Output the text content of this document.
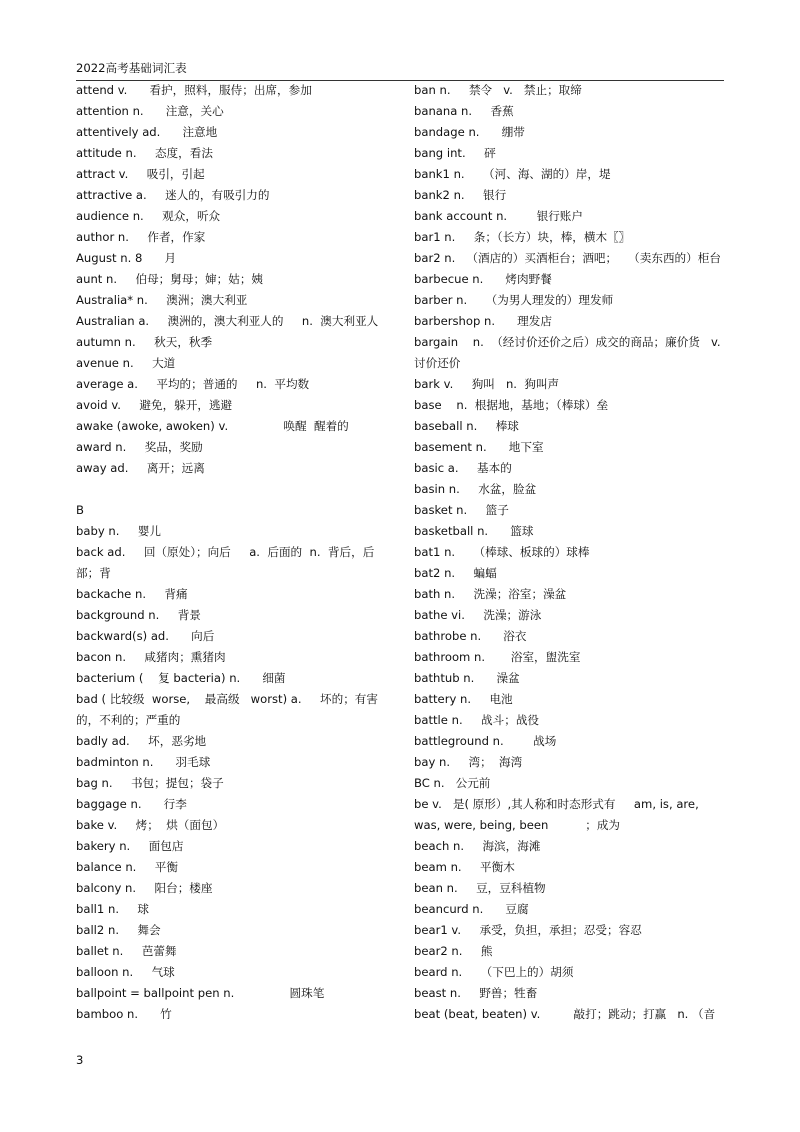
2022高考基础词汇表
attend v.      看护，照料，服侍；出席，参加
attention n.      注意，关心
attentively ad.      注意地
attitude n.     态度，看法
attract v.     吸引，引起
attractive a.     迷人的，有吸引力的
audience n.     观众，听众
author n.     作者，作家
August n. 8      月
aunt n.     伯母；舅母；婶；姑；姨
Australia* n.     澳洲；澳大利亚
Australian a.     澳洲的，澳大利亚人的     n.  澳大利亚人
autumn n.     秋天，秋季
avenue n.     大道
average a.     平均的；普通的     n.  平均数
avoid v.     避免，躲开，逃避
awake (awoke, awoken) v.               唤醒  醒着的
award n.     奖品，奖励
away ad.     离开；远离
B
baby n.     婴儿
back ad.     回（原处）；向后     a.  后面的  n.  背后，后部；背
backache n.     背痛
background n.     背景
backward(s) ad.      向后
bacon n.     咸猪肉；熏猪肉
bacterium (    复 bacteria) n.      细菌
bad ( 比较级  worse,    最高级   worst) a.     坏的；有害的，不利的；严重的
badly ad.     坏，恶劣地
badminton n.      羽毛球
bag n.     书包；提包；袋子
baggage n.      行李
bake v.     烤；  烘（面包）
bakery n.     面包店
balance n.     平衡
balcony n.     阳台；楼座
ball1 n.     球
ball2 n.     舞会
ballet n.     芭蕾舞
balloon n.     气球
ballpoint = ballpoint pen n.               圆珠笔
bamboo n.      竹
ban n.     禁令   v.   禁止；取缔
banana n.     香蕉
bandage n.      绷带
bang int.     砰
bank1 n.     （河、海、湖的）岸，堤
bank2 n.     银行
bank account n.        银行账户
bar1 n.     条；（长方）块，棒，横木〖〗
bar2 n.   （酒店的）买酒柜台；酒吧；   （卖东西的）柜台
barbecue n.      烤肉野餐
barber n.     （为男人理发的）理发师
barbershop n.      理发店
bargain    n.  （经讨价还价之后）成交的商品；廉价货   v.  讨价还价
bark v.     狗叫   n.  狗叫声
base    n.  根据地，基地；（棒球）垒
baseball n.     棒球
basement n.      地下室
basic a.     基本的
basin n.     水盆，脸盆
basket n.     篮子
basketball n.      篮球
bat1 n.     （棒球、板球的）球棒
bat2 n.     蝙蝠
bath n.     洗澡；浴室；澡盆
bathe vi.     洗澡；游泳
bathrobe n.      浴衣
bathroom n.       浴室，盥洗室
bathtub n.      澡盆
battery n.     电池
battle n.     战斗；战役
battleground n.        战场
bay n.     湾；  海湾
BC n.   公元前
be v.   是( 原形）,其人称和时态形式有     am, is, are, was, were, being, been          ；成为
beach n.     海滨，海滩
beam n.     平衡木
bean n.     豆，豆科植物
beancurd n.      豆腐
bear1 v.     承受，负担，承担；忍受；容忍
bear2 n.     熊
beard n.     （下巴上的）胡须
beast n.     野兽；牲畜
beat (beat, beaten) v.         敲打；跳动；打赢   n. （音
3
